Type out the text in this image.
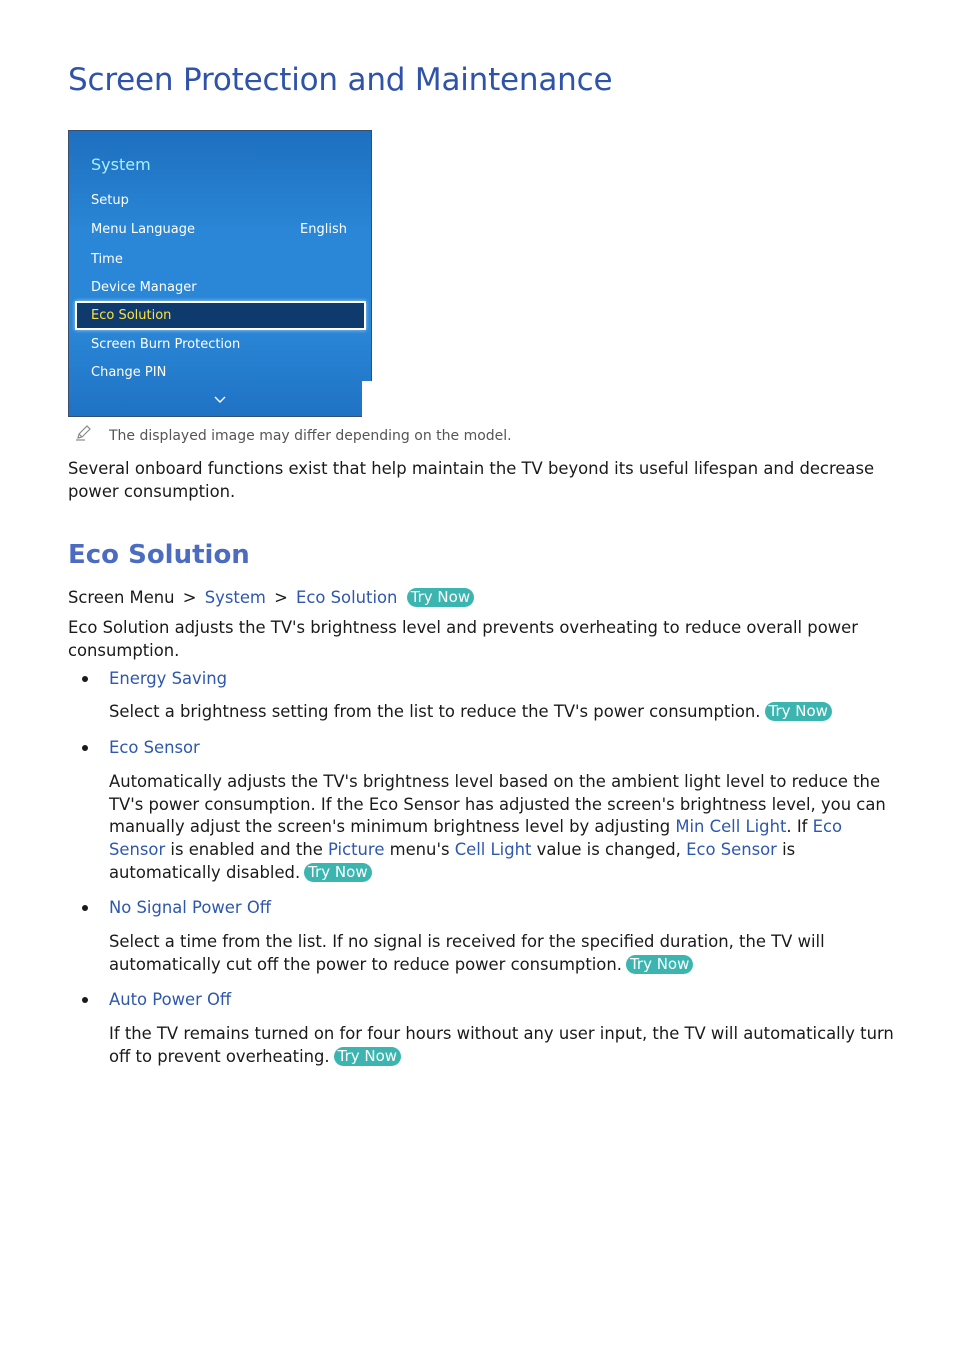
Screen Protection and Maintenance
System
Setup
Menu Language	English
Time
Device Manager
Eco Solution
Screen Burn Protection
Change PIN
The displayed image may differ depending on the model.

Several onboard functions exist that help maintain the TV beyond its useful lifespan and decrease power consumption.

Eco Solution
Screen Menu > System > Eco Solution Try Now

Eco Solution adjusts the TV's brightness level and prevents overheating to reduce overall power consumption.

Energy Saving

Select a brightness setting from the list to reduce the TV's power consumption. Try Now

Eco Sensor

Automatically adjusts the TV's brightness level based on the ambient light level to reduce the TV's power consumption. If the Eco Sensor has adjusted the screen's brightness level, you can manually adjust the screen's minimum brightness level by adjusting Min Cell Light. If Eco Sensor is enabled and the Picture menu's Cell Light value is changed, Eco Sensor is automatically disabled. Try Now

No Signal Power Off

Select a time from the list. If no signal is received for the specified duration, the TV will automatically cut off the power to reduce power consumption. Try Now

Auto Power Off

If the TV remains turned on for four hours without any user input, the TV will automatically turn off to prevent overheating. Try Now
